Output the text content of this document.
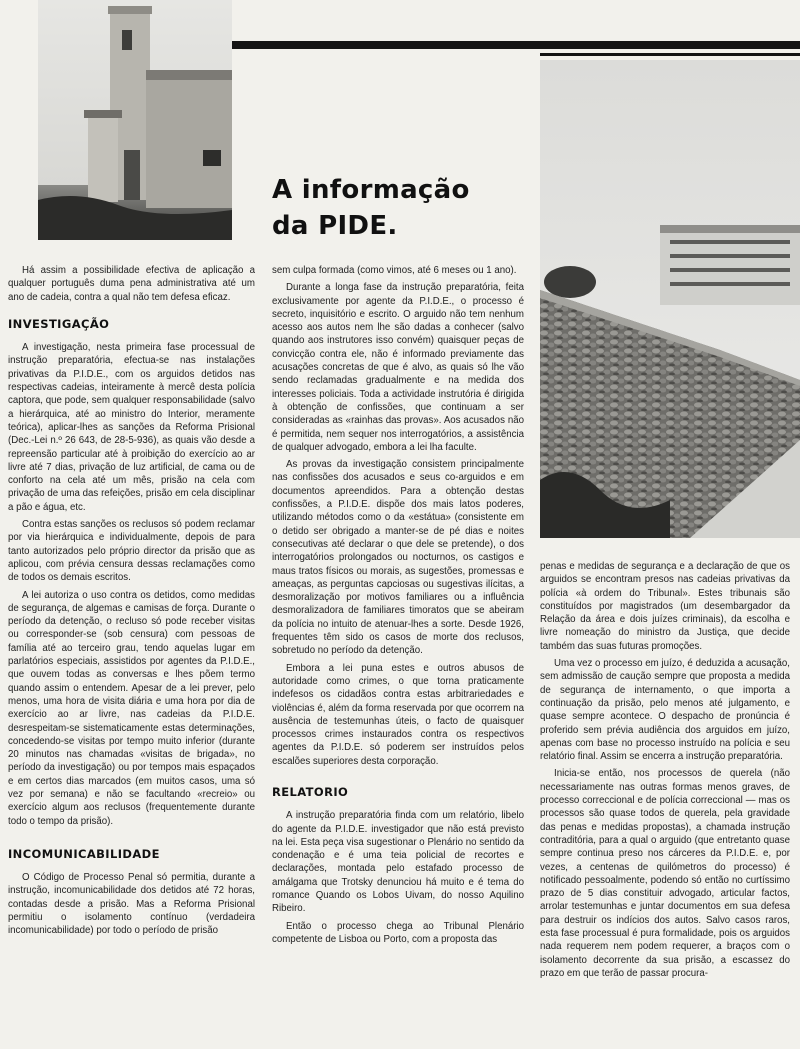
A informação
da PIDE.

Há assim a possibilidade efectiva de aplicação a qualquer português duma pena administrativa até um ano de cadeia, contra a qual não tem defesa eficaz.

INVESTIGAÇÃO

A investigação, nesta primeira fase processual de instrução preparatória, efectua-se nas instalações privativas da P.I.D.E., com os arguidos detidos nas respectivas cadeias, inteiramente à mercê desta polícia captora, que pode, sem qualquer responsabilidade (salvo a hierárquica, até ao ministro do Interior, meramente teórica), aplicar-lhes as sanções da Reforma Prisional (Dec.-Lei n.º 26 643, de 28-5-936), as quais vão desde a repreensão particular até à proibição do exercício ao ar livre até 7 dias, privação de luz artificial, de cama ou de conforto na cela até um mês, prisão na cela com privação de uma das refeições, prisão em cela disciplinar a pão e água, etc.

Contra estas sanções os reclusos só podem reclamar por via hierárquica e individualmente, depois de para tanto autorizados pelo próprio director da prisão que as aplicou, com prévia censura dessas reclamações como de todos os demais escritos.

A lei autoriza o uso contra os detidos, como medidas de segurança, de algemas e camisas de força. Durante o período da detenção, o recluso só pode receber visitas ou corresponder-se (sob censura) com pessoas de família até ao terceiro grau, tendo aquelas lugar em parlatórios especiais, assistidos por agentes da P.I.D.E., que ouvem todas as conversas e lhes põem termo quando assim o entendem. Apesar de a lei prever, pelo menos, uma hora de visita diária e uma hora por dia de exercício ao ar livre, nas cadeias da P.I.D.E. desrespeitam-se sistematicamente estas determinações, concedendo-se visitas por tempo muito inferior (durante 20 minutos nas chamadas «visitas de brigada», no período da investigação) ou por tempos mais espaçados e em certos dias marcados (em muitos casos, uma só vez por semana) e não se facultando «recreio» ou exercício algum aos reclusos (frequentemente durante todo o tempo da prisão).

INCOMUNICABILIDADE

O Código de Processo Penal só permitia, durante a instrução, incomunicabilidade dos detidos até 72 horas, contadas desde a prisão. Mas a Reforma Prisional permitiu o isolamento contínuo (verdadeira incomunicabilidade) por todo o período de prisão

sem culpa formada (como vimos, até 6 meses ou 1 ano).

Durante a longa fase da instrução preparatória, feita exclusivamente por agente da P.I.D.E., o processo é secreto, inquisitório e escrito. O arguido não tem nenhum acesso aos autos nem lhe são dadas a conhecer (salvo quando aos instrutores isso convém) quaisquer peças de convicção contra ele, não é informado previamente das acusações concretas de que é alvo, as quais só lhe vão sendo reclamadas gradualmente e na medida dos interesses policiais. Toda a actividade instrutória é dirigida à obtenção de confissões, que continuam a ser consideradas as «rainhas das provas». Aos acusados não é permitida, nem sequer nos interrogatórios, a assistência de qualquer advogado, embora a lei lha faculte.

As provas da investigação consistem principalmente nas confissões dos acusados e seus co-arguidos e em documentos apreendidos. Para a obtenção destas confissões, a P.I.D.E. dispõe dos mais latos poderes, utilizando métodos como o da «estátua» (consistente em o detido ser obrigado a manter-se de pé dias e noites consecutivas até declarar o que dele se pretende), o dos interrogatórios prolongados ou nocturnos, os castigos e maus tratos físicos ou morais, as sugestões, promessas e ameaças, as perguntas capciosas ou sugestivas ilícitas, a desmoralização por motivos familiares ou a influência desmoralizadora de familiares timoratos que se abeiram da polícia no intuito de atenuar-lhes a sorte. Desde 1926, frequentes têm sido os casos de morte dos reclusos, sobretudo no período da detenção.

Embora a lei puna estes e outros abusos de autoridade como crimes, o que torna praticamente indefesos os cidadãos contra estas arbitrariedades e violências é, além da forma reservada por que ocorrem na ausência de testemunhas úteis, o facto de quaisquer processos crimes instaurados contra os respectivos agentes da P.I.D.E. só poderem ser instruídos pelos escalões superiores desta corporação.

RELATORIO

A instrução preparatória finda com um relatório, libelo do agente da P.I.D.E. investigador que não está previsto na lei. Esta peça visa sugestionar o Plenário no sentido da condenação e é uma teia policial de recortes e declarações, montada pelo estafado processo de amálgama que Trotsky denunciou há muito e é tema do romance Quando os Lobos Uivam, do nosso Aquilino Ribeiro.

Então o processo chega ao Tribunal Plenário competente de Lisboa ou Porto, com a proposta das

penas e medidas de segurança e a declaração de que os arguidos se encontram presos nas cadeias privativas da polícia «à ordem do Tribunal». Estes tribunais são constituídos por magistrados (um desembargador da Relação da área e dois juízes criminais), da escolha e livre nomeação do ministro da Justiça, que decide também das suas futuras promoções.

Uma vez o processo em juízo, é deduzida a acusação, sem admissão de caução sempre que proposta a medida de segurança de internamento, o que importa a continuação da prisão, pelo menos até julgamento, e quase sempre acontece. O despacho de pronúncia é proferido sem prévia audiência dos arguidos em juízo, apenas com base no processo instruído na polícia e seu relatório final. Assim se encerra a instrução preparatória.

Inicia-se então, nos processos de querela (não necessariamente nas outras formas menos graves, de processo correccional e de polícia correccional — mas os processos são quase todos de querela, pela gravidade das penas e medidas propostas), a chamada instrução contraditória, para a qual o arguido (que entretanto quase sempre continua preso nos cárceres da P.I.D.E. e, por vezes, a centenas de quilómetros do processo) é notificado pessoalmente, podendo só então no curtíssimo prazo de 5 dias constituir advogado, articular factos, arrolar testemunhas e juntar documentos em sua defesa para destruir os indícios dos autos. Salvo casos raros, esta fase processual é pura formalidade, pois os arguidos nada requerem nem podem requerer, a braços com o isolamento decorrente da sua prisão, a escassez do prazo em que terão de passar procura-
